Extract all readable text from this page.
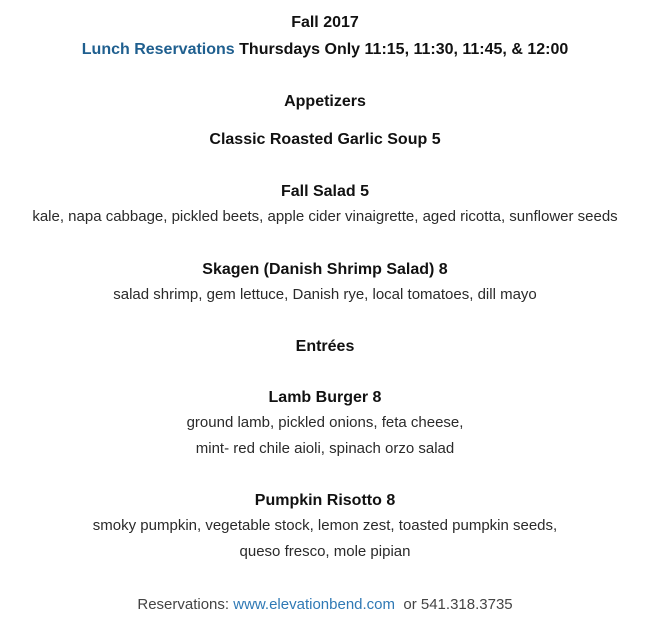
Fall 2017
Lunch Reservations Thursdays Only 11:15, 11:30, 11:45, & 12:00
Appetizers
Classic Roasted Garlic Soup 5
Fall Salad 5
kale, napa cabbage, pickled beets, apple cider vinaigrette, aged ricotta, sunflower seeds
Skagen (Danish Shrimp Salad) 8
salad shrimp, gem lettuce, Danish rye, local tomatoes, dill mayo
Entrées
Lamb Burger 8
ground lamb, pickled onions, feta cheese,
mint- red chile aioli, spinach orzo salad
Pumpkin Risotto 8
smoky pumpkin, vegetable stock, lemon zest, toasted pumpkin seeds,
queso fresco, mole pipian
Reservations: www.elevationbend.com or 541.318.3735
